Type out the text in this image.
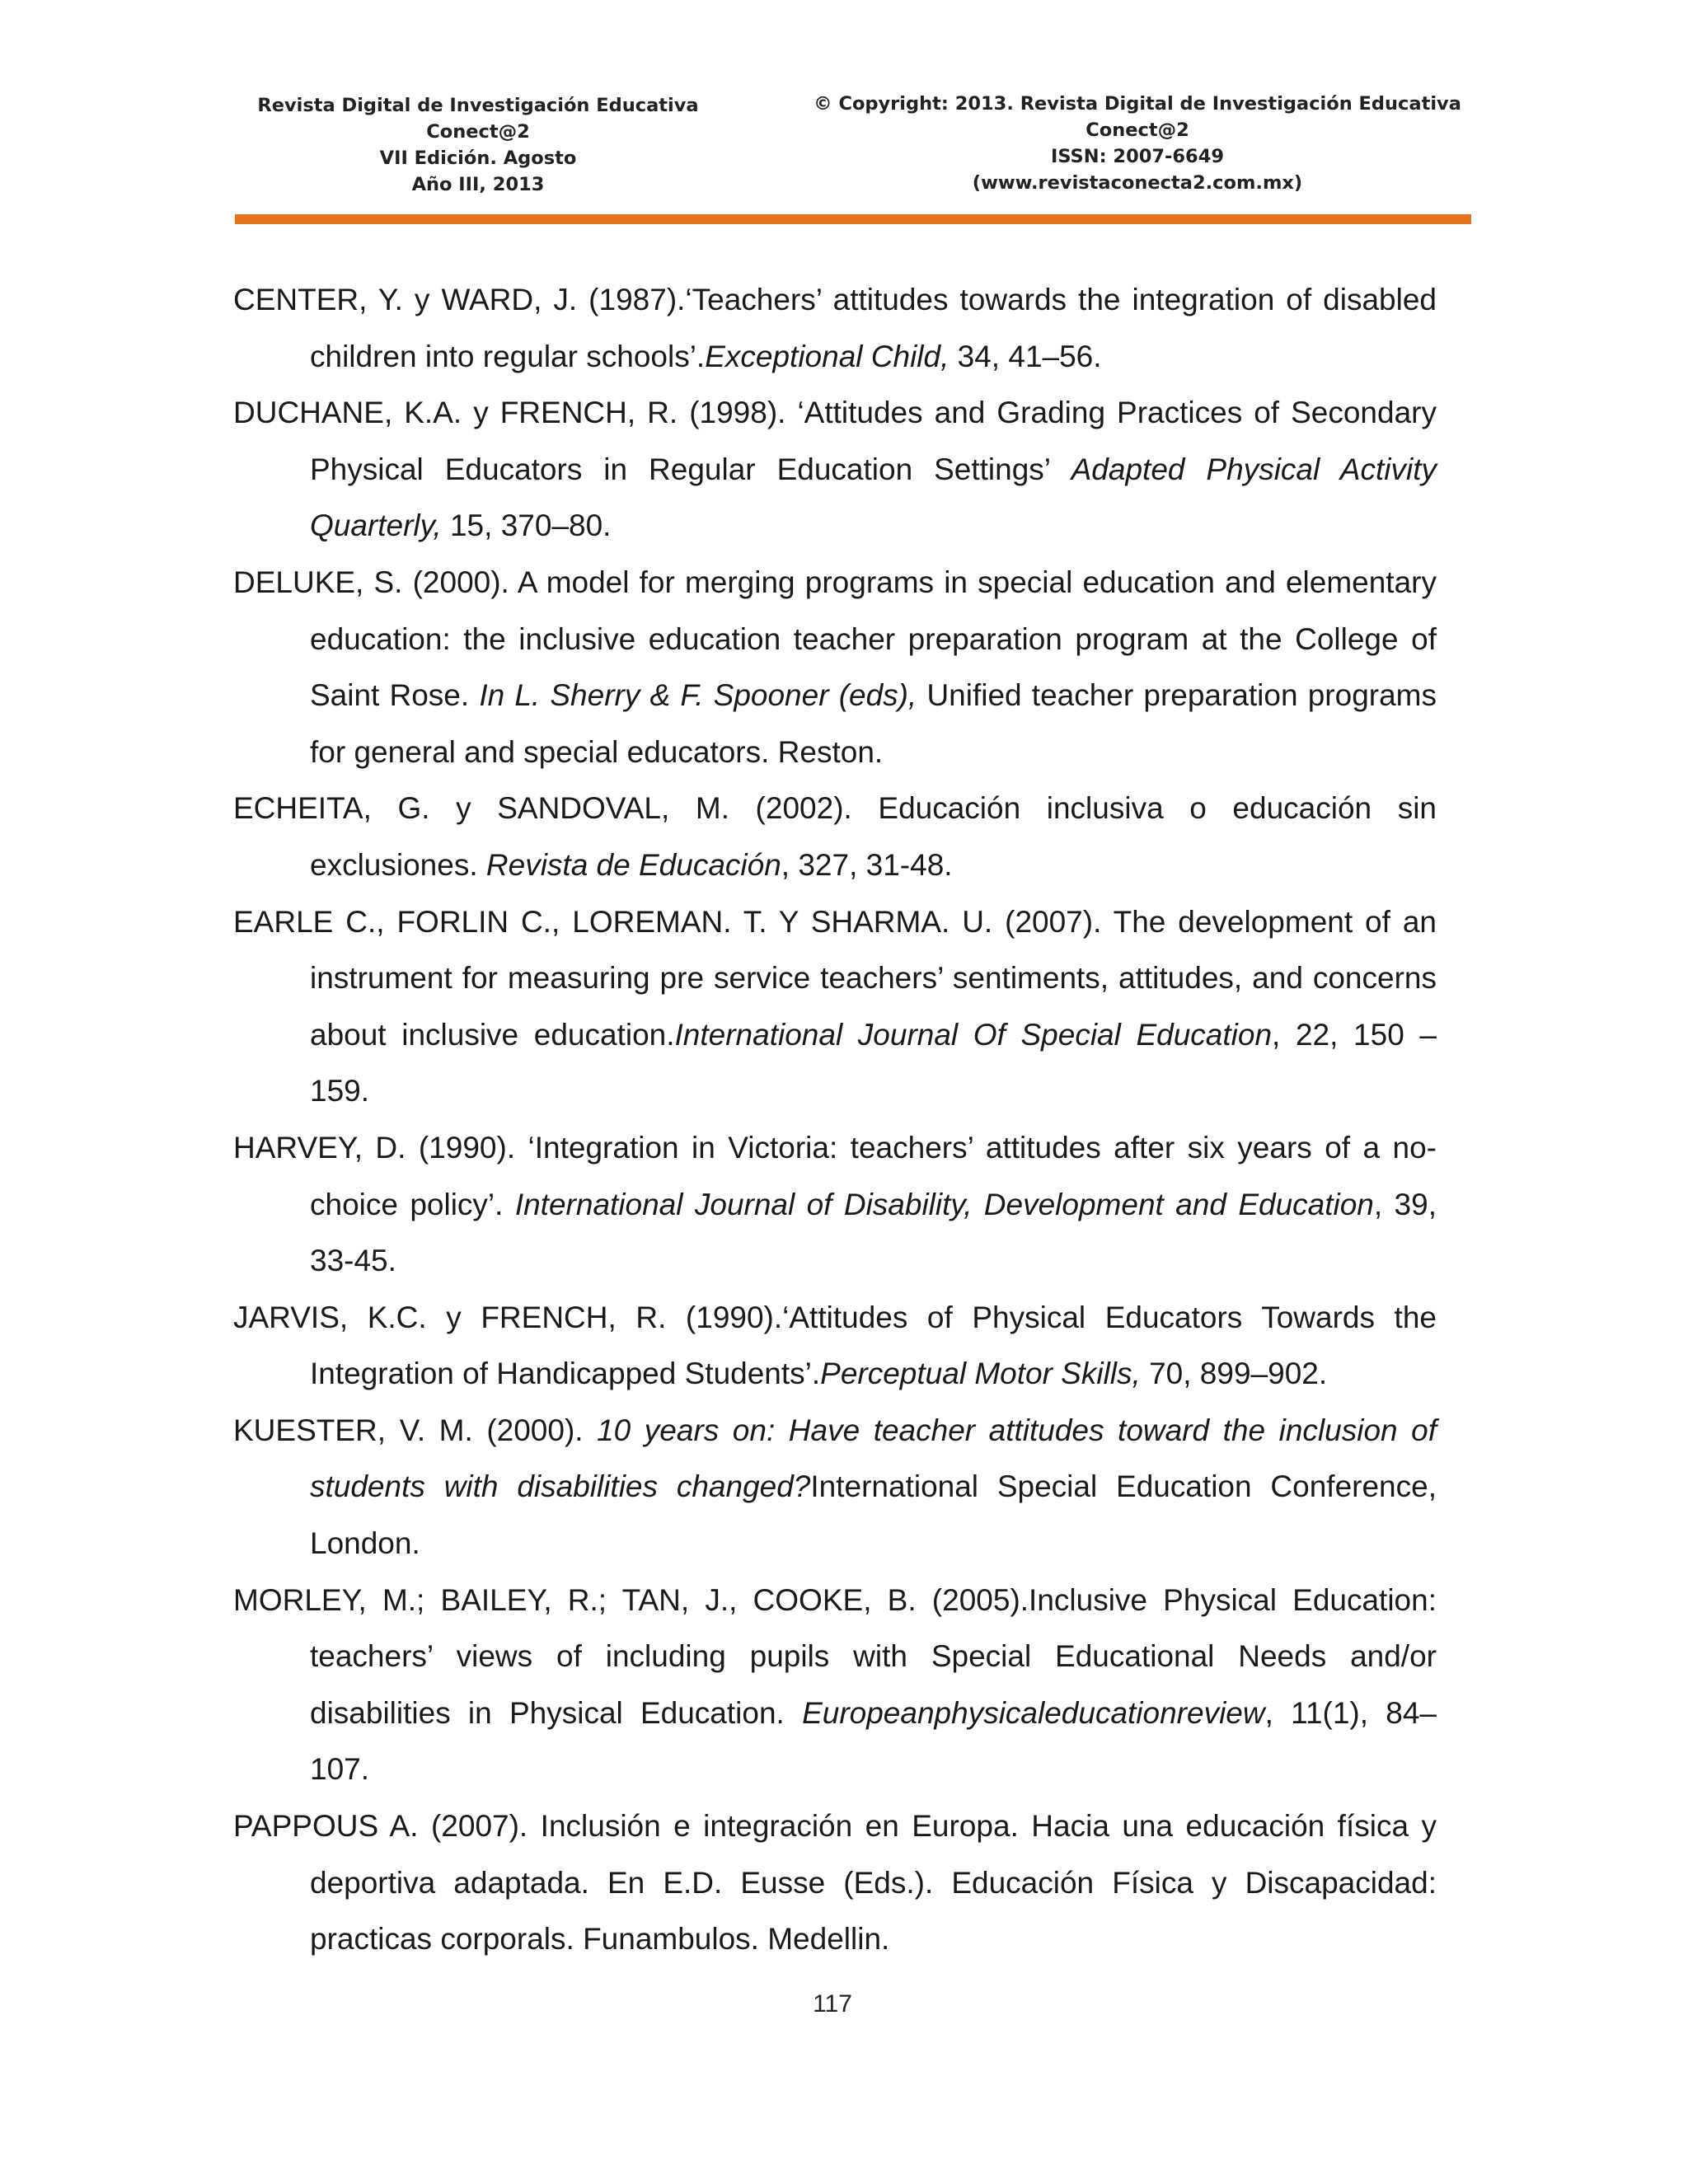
Revista Digital de Investigación Educativa
Conect@2
VII Edición. Agosto
Año III, 2013
© Copyright: 2013. Revista Digital de Investigación Educativa
Conect@2
ISSN: 2007-6649
(www.revistaconecta2.com.mx)

CENTER, Y. y WARD, J. (1987).‘Teachers’ attitudes towards the integration of disabled children into regular schools’.Exceptional Child, 34, 41–56.

DUCHANE, K.A. y FRENCH, R. (1998). ‘Attitudes and Grading Practices of Secondary Physical Educators in Regular Education Settings’ Adapted Physical Activity Quarterly, 15, 370–80.

DELUKE, S. (2000). A model for merging programs in special education and elementary education: the inclusive education teacher preparation program at the College of Saint Rose. In L. Sherry & F. Spooner (eds), Unified teacher preparation programs for general and special educators. Reston.

ECHEITA, G. y SANDOVAL, M. (2002). Educación inclusiva o educación sin exclusiones. Revista de Educación, 327, 31-48.

EARLE C., FORLIN C., LOREMAN. T. Y SHARMA. U. (2007). The development of an instrument for measuring pre service teachers’ sentiments, attitudes, and concerns about inclusive education.International Journal Of Special Education, 22, 150 – 159.

HARVEY, D. (1990). ‘Integration in Victoria: teachers’ attitudes after six years of a no-choice policy’. International Journal of Disability, Development and Education, 39, 33-45.

JARVIS, K.C. y FRENCH, R. (1990).‘Attitudes of Physical Educators Towards the Integration of Handicapped Students’.Perceptual Motor Skills, 70, 899–902.

KUESTER, V. M. (2000). 10 years on: Have teacher attitudes toward the inclusion of students with disabilities changed?International Special Education Conference, London.

MORLEY, M.; BAILEY, R.; TAN, J., COOKE, B. (2005).Inclusive Physical Education: teachers’ views of including pupils with Special Educational Needs and/or disabilities in Physical Education. Europeanphysicaleducationreview, 11(1), 84–107.

PAPPOUS A. (2007). Inclusión e integración en Europa. Hacia una educación física y deportiva adaptada. En E.D. Eusse (Eds.). Educación Física y Discapacidad: practicas corporals. Funambulos. Medellin.

117
